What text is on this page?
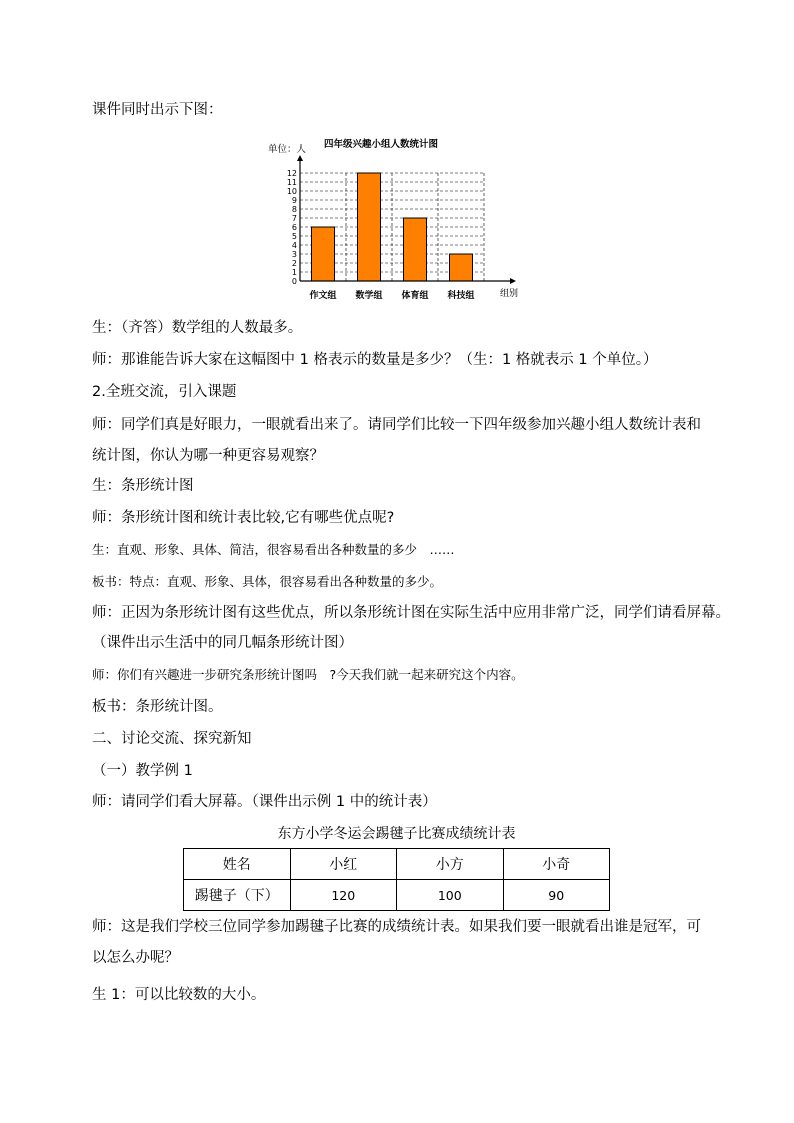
课件同时出示下图：
单位：人 四年级兴趣小组人数统计图
0
1
2
3
4
5
6
7
8
9
10
11
12
作文组 数学组 体育组 科技组	组别
生：（齐答）数学组的人数最多。
师：那谁能告诉大家在这幅图中 1 格表示的数量是多少？（生：1 格就表示 1 个单位。）
2.全班交流，引入课题
师：同学们真是好眼力，一眼就看出来了。请同学们比较一下四年级参加兴趣小组人数统计表和统计图，你认为哪一种更容易观察？
生：条形统计图
师：条形统计图和统计表比较,它有哪些优点呢?
生：直观、形象、具体、简洁，很容易看出各种数量的多少　……
板书：特点：直观、形象、具体，很容易看出各种数量的多少。
师：正因为条形统计图有这些优点，所以条形统计图在实际生活中应用非常广泛，同学们请看屏幕。
（课件出示生活中的同几幅条形统计图）
师：你们有兴趣进一步研究条形统计图吗　?今天我们就一起来研究这个内容。
板书：条形统计图。
二、讨论交流、探究新知
（一）教学例 1
师：请同学们看大屏幕。（课件出示例 1 中的统计表）
东方小学冬运会踢毽子比赛成绩统计表
姓名	小红	小方	小奇
踢毽子（下）	120	100	90
师：这是我们学校三位同学参加踢毽子比赛的成绩统计表。如果我们要一眼就看出谁是冠军，可以怎么办呢？
生 1：可以比较数的大小。
